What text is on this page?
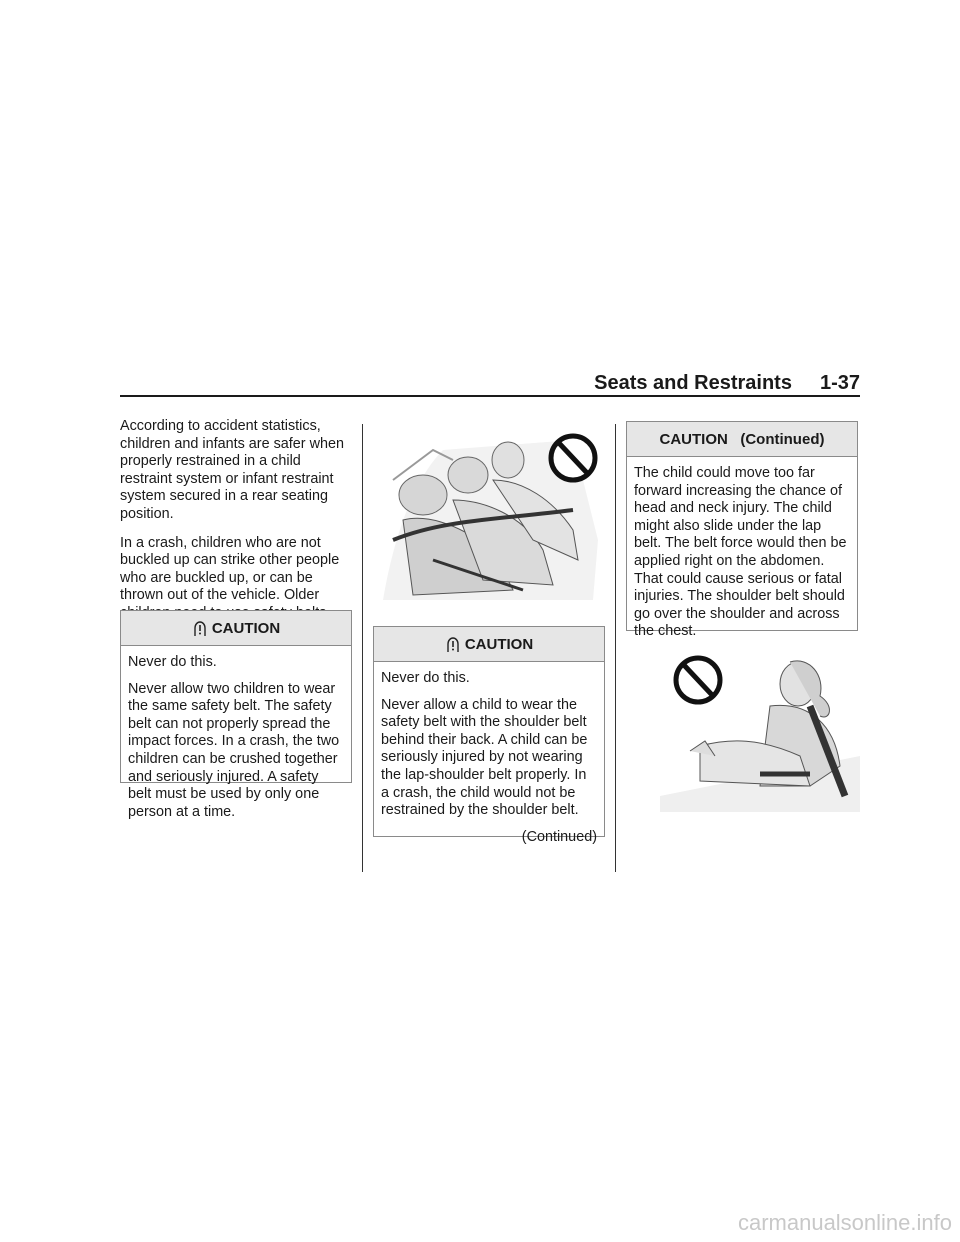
Seats and Restraints 1-37

According to accident statistics, children and infants are safer when properly restrained in a child restraint system or infant restraint system secured in a rear seating position.

In a crash, children who are not buckled up can strike other people who are buckled up, or can be thrown out of the vehicle. Older

CAUTION

Never do this.

Never allow two children to wear the same safety belt. The safety belt can not properly spread the impact forces. In a crash, the two children can be crushed together and seriously injured. A safety belt must be used by only one person at a time.

CAUTION

Never do this.

Never allow a child to wear the safety belt with the shoulder belt behind their back. A child can be seriously injured by not wearing the lap-shoulder belt properly. In a crash, the child would not be restrained by the shoulder belt.

(Continued)

CAUTION   (Continued)

The child could move too far forward increasing the chance of head and neck injury. The child might also slide under the lap belt. The belt force would then be applied right on the abdomen. That could cause serious or fatal injuries. The shoulder belt should go over the shoulder and across the chest.

carmanualsonline.info
